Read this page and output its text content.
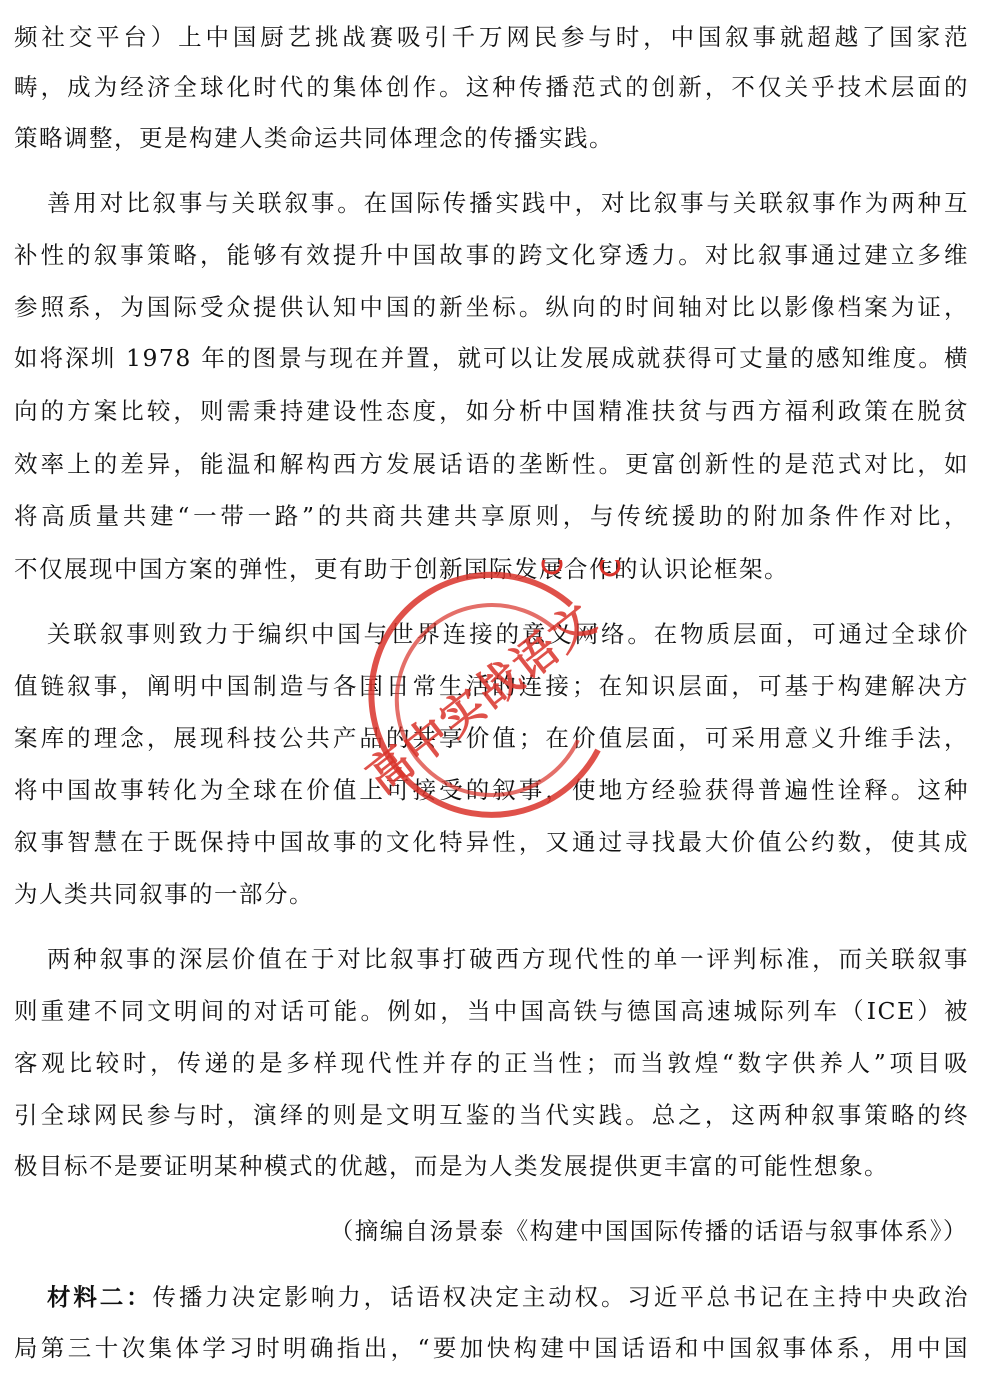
频社交平台）上中国厨艺挑战赛吸引千万网民参与时，中国叙事就超越了国家范
畴，成为经济全球化时代的集体创作。这种传播范式的创新，不仅关乎技术层面的
策略调整，更是构建人类命运共同体理念的传播实践。
善用对比叙事与关联叙事。在国际传播实践中，对比叙事与关联叙事作为两种互
补性的叙事策略，能够有效提升中国故事的跨文化穿透力。对比叙事通过建立多维
参照系，为国际受众提供认知中国的新坐标。纵向的时间轴对比以影像档案为证，
如将深圳 1978 年的图景与现在并置，就可以让发展成就获得可丈量的感知维度。横
向的方案比较，则需秉持建设性态度，如分析中国精准扶贫与西方福利政策在脱贫
效率上的差异，能温和解构西方发展话语的垄断性。更富创新性的是范式对比，如
将高质量共建“一带一路”的共商共建共享原则，与传统援助的附加条件作对比，
不仅展现中国方案的弹性，更有助于创新国际发展合作的认识论框架。
关联叙事则致力于编织中国与世界连接的意义网络。在物质层面，可通过全球价
值链叙事，阐明中国制造与各国日常生活的连接；在知识层面，可基于构建解决方
案库的理念，展现科技公共产品的共享价值；在价值层面，可采用意义升维手法，
将中国故事转化为全球在价值上可接受的叙事，使地方经验获得普遍性诠释。这种
叙事智慧在于既保持中国故事的文化特异性，又通过寻找最大价值公约数，使其成
为人类共同叙事的一部分。
两种叙事的深层价值在于对比叙事打破西方现代性的单一评判标准，而关联叙事
则重建不同文明间的对话可能。例如，当中国高铁与德国高速城际列车（ICE）被
客观比较时，传递的是多样现代性并存的正当性；而当敦煌“数字供养人”项目吸
引全球网民参与时，演绎的则是文明互鉴的当代实践。总之，这两种叙事策略的终
极目标不是要证明某种模式的优越，而是为人类发展提供更丰富的可能性想象。
（摘编自汤景泰《构建中国国际传播的话语与叙事体系》）
材料二：传播力决定影响力，话语权决定主动权。习近平总书记在主持中央政治
局第三十次集体学习时明确指出，“要加快构建中国话语和中国叙事体系，用中国
高中实战语文
